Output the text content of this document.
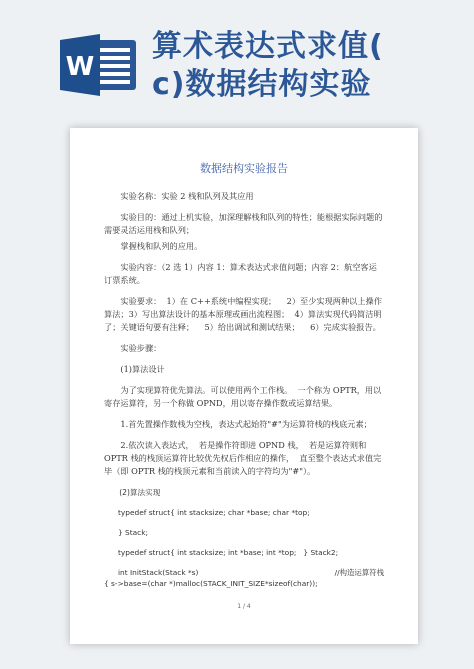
W
算术表达式求值(
c)数据结构实验
数据结构实验报告

实验名称：实验 2 栈和队列及其应用

实验目的：通过上机实验，加深理解栈和队列的特性；能根据实际问题的需要灵活运用栈和队列；

掌握栈和队列的应用。

实验内容：（2 选 1）内容 1：算术表达式求值问题；内容 2：航空客运订票系统。

实验要求：  1）在 C++系统中编程实现；    2）至少实现两种以上操作算法；3）写出算法设计的基本原理或画出流程图；  4）算法实现代码简洁明了；关键语句要有注释；    5）给出调试和测试结果；    6）完成实验报告。

实验步骤：

(1)算法设计

为了实现算符优先算法。可以使用两个工作栈。  一个称为 OPTR，用以寄存运算符，另一个称做 OPND，用以寄存操作数或运算结果。

1.首先置操作数栈为空栈，表达式起始符"#"为运算符栈的栈底元素；

2.依次读入表达式，  若是操作符即进 OPND 栈，  若是运算符则和 OPTR 栈的栈顶运算符比较优先权后作相应的操作，  直至整个表达式求值完毕（即 OPTR 栈的栈顶元素和当前读入的字符均为"#"）。

(2)算法实现

typedef struct{ int stacksize; char *base; char *top;
} Stack;
typedef struct{ int stacksize; int *base; int *top;   } Stack2;
int InitStack(Stack *s)	//构造运算符栈
{ s->base=(char *)malloc(STACK_INIT_SIZE*sizeof(char));
1 / 4
